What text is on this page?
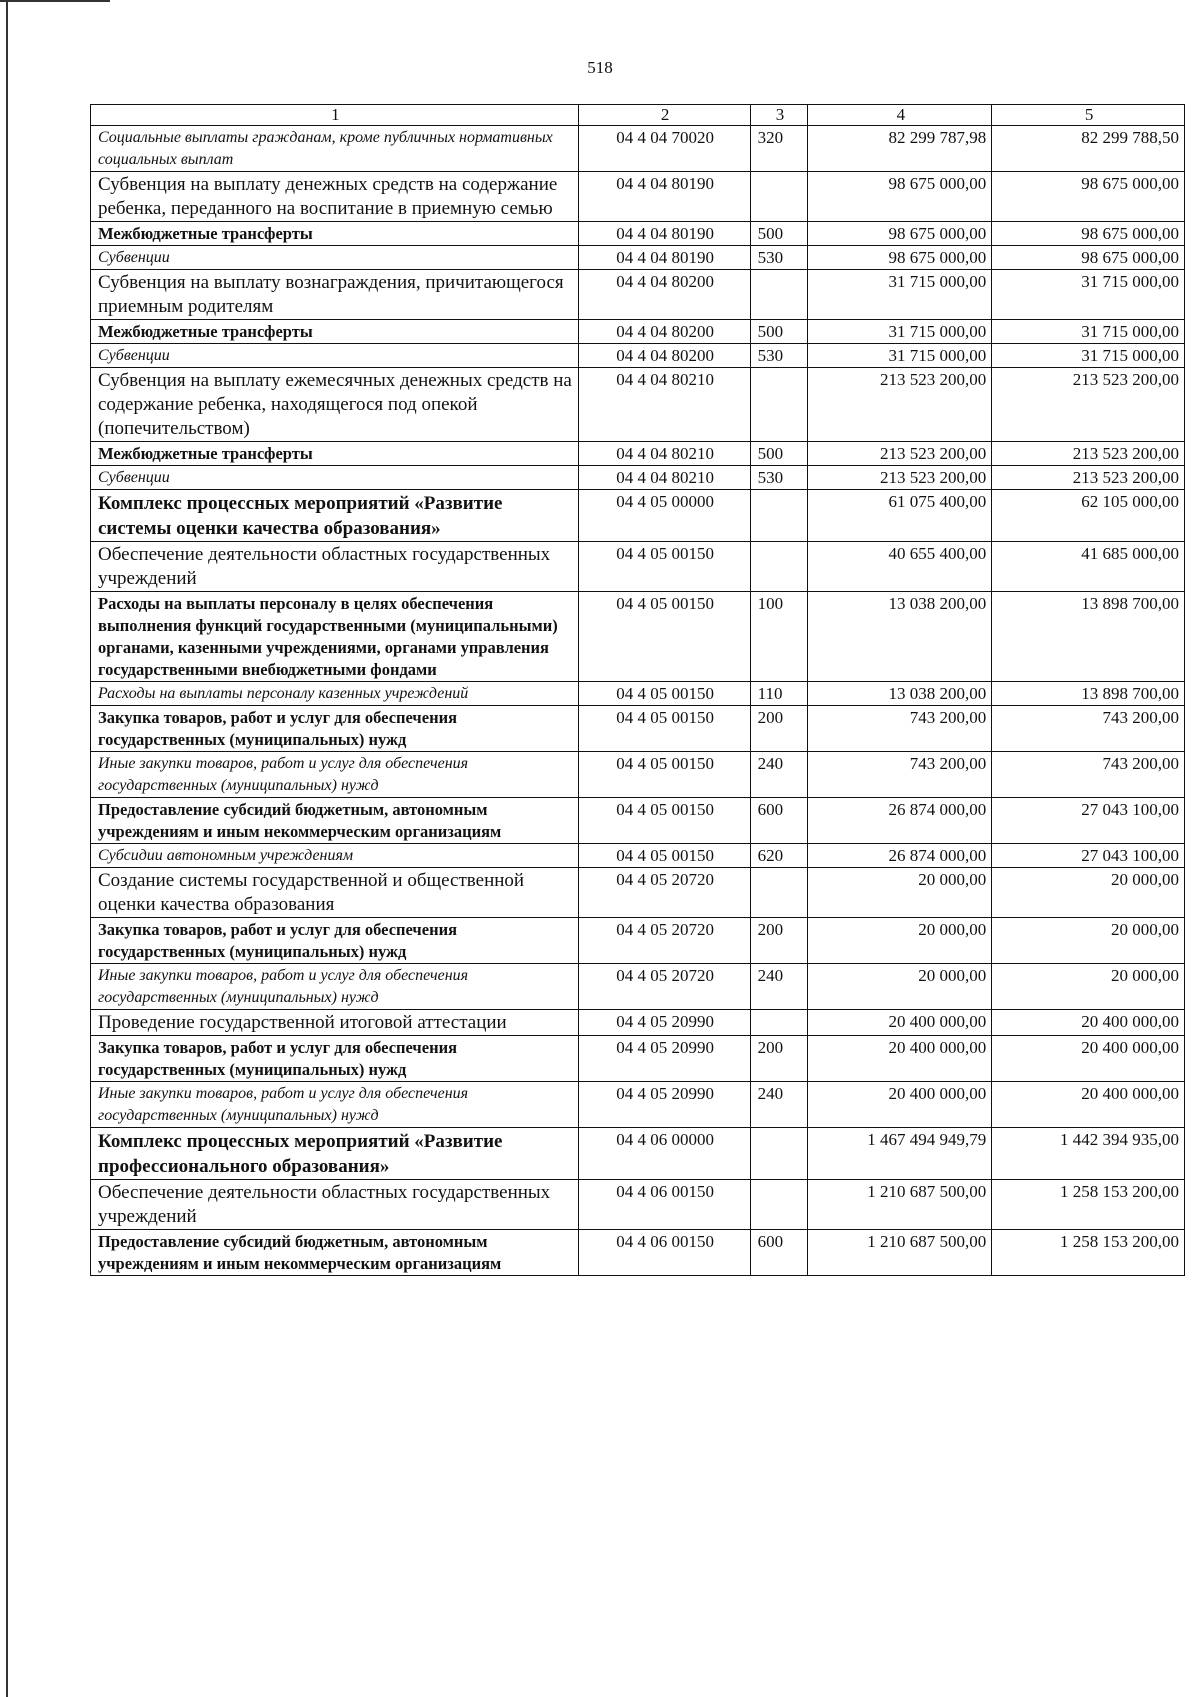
518
1	2	3	4	5
Социальные выплаты гражданам, кроме публичных нормативных социальных выплат	04 4 04 70020	320	82 299 787,98	82 299 788,50
Субвенция на выплату денежных средств на содержание ребенка, переданного на воспитание в приемную семью	04 4 04 80190		98 675 000,00	98 675 000,00
Межбюджетные трансферты	04 4 04 80190	500	98 675 000,00	98 675 000,00
Субвенции	04 4 04 80190	530	98 675 000,00	98 675 000,00
Субвенция на выплату вознаграждения, причитающегося приемным родителям	04 4 04 80200		31 715 000,00	31 715 000,00
Межбюджетные трансферты	04 4 04 80200	500	31 715 000,00	31 715 000,00
Субвенции	04 4 04 80200	530	31 715 000,00	31 715 000,00
Субвенция на выплату ежемесячных денежных средств на содержание ребенка, находящегося под опекой (попечительством)	04 4 04 80210		213 523 200,00	213 523 200,00
Межбюджетные трансферты	04 4 04 80210	500	213 523 200,00	213 523 200,00
Субвенции	04 4 04 80210	530	213 523 200,00	213 523 200,00
Комплекс процессных мероприятий «Развитие системы оценки качества образования»	04 4 05 00000		61 075 400,00	62 105 000,00
Обеспечение деятельности областных государственных учреждений	04 4 05 00150		40 655 400,00	41 685 000,00
Расходы на выплаты персоналу в целях обеспечения выполнения функций государственными (муниципальными) органами, казенными учреждениями, органами управления государственными внебюджетными фондами	04 4 05 00150	100	13 038 200,00	13 898 700,00
Расходы на выплаты персоналу казенных учреждений	04 4 05 00150	110	13 038 200,00	13 898 700,00
Закупка товаров, работ и услуг для обеспечения государственных (муниципальных) нужд	04 4 05 00150	200	743 200,00	743 200,00
Иные закупки товаров, работ и услуг для обеспечения государственных (муниципальных) нужд	04 4 05 00150	240	743 200,00	743 200,00
Предоставление субсидий бюджетным, автономным учреждениям и иным некоммерческим организациям	04 4 05 00150	600	26 874 000,00	27 043 100,00
Субсидии автономным учреждениям	04 4 05 00150	620	26 874 000,00	27 043 100,00
Создание системы государственной и общественной оценки качества образования	04 4 05 20720		20 000,00	20 000,00
Закупка товаров, работ и услуг для обеспечения государственных (муниципальных) нужд	04 4 05 20720	200	20 000,00	20 000,00
Иные закупки товаров, работ и услуг для обеспечения государственных (муниципальных) нужд	04 4 05 20720	240	20 000,00	20 000,00
Проведение государственной итоговой аттестации	04 4 05 20990		20 400 000,00	20 400 000,00
Закупка товаров, работ и услуг для обеспечения государственных (муниципальных) нужд	04 4 05 20990	200	20 400 000,00	20 400 000,00
Иные закупки товаров, работ и услуг для обеспечения государственных (муниципальных) нужд	04 4 05 20990	240	20 400 000,00	20 400 000,00
Комплекс процессных мероприятий «Развитие профессионального образования»	04 4 06 00000		1 467 494 949,79	1 442 394 935,00
Обеспечение деятельности областных государственных учреждений	04 4 06 00150		1 210 687 500,00	1 258 153 200,00
Предоставление субсидий бюджетным, автономным учреждениям и иным некоммерческим организациям	04 4 06 00150	600	1 210 687 500,00	1 258 153 200,00
